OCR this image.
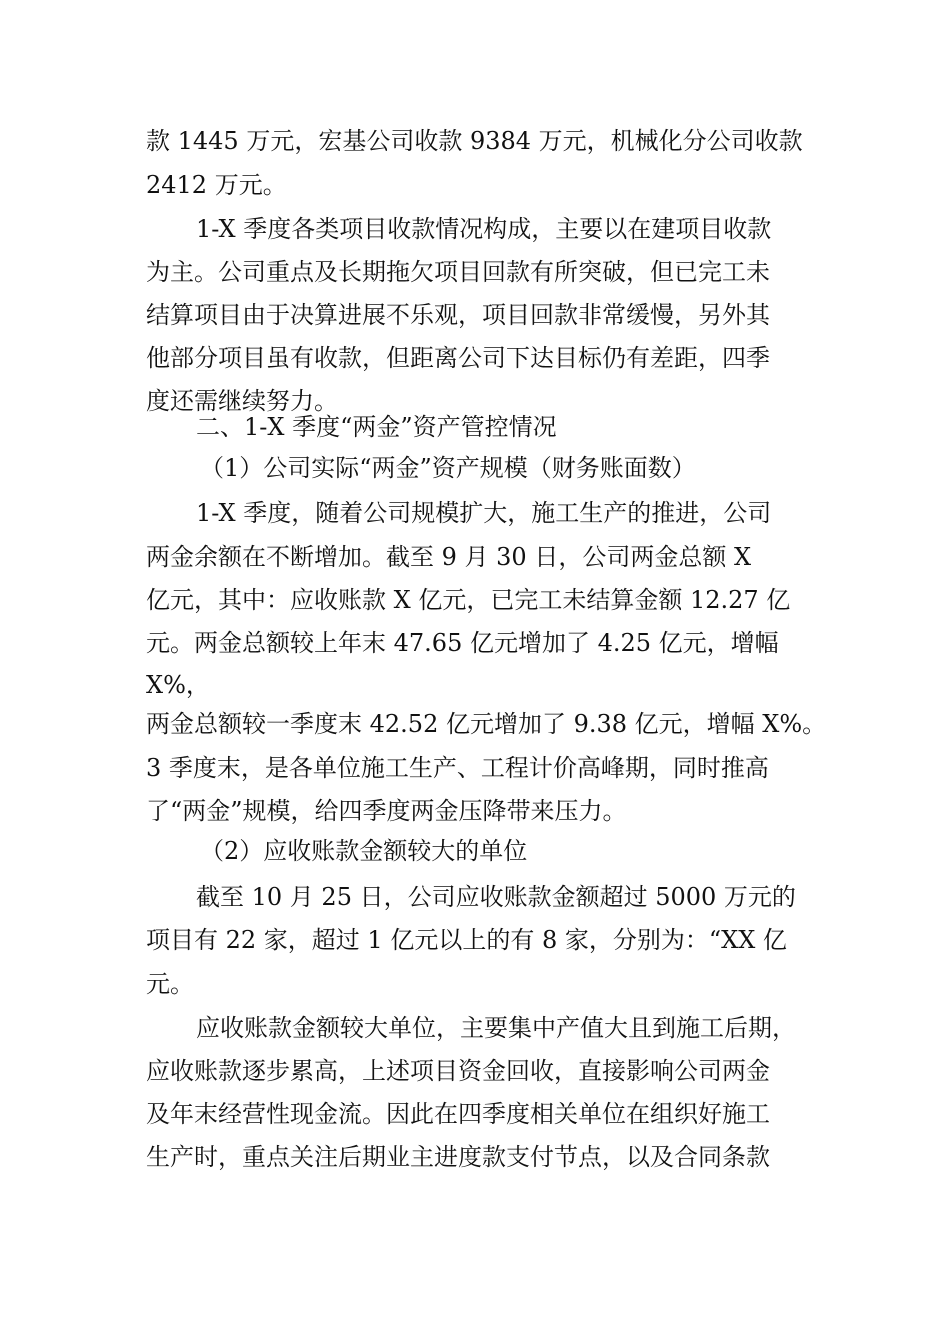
款 1445 万元，宏基公司收款 9384 万元，机械化分公司收款
2412 万元。
1-X 季度各类项目收款情况构成，主要以在建项目收款
为主。公司重点及长期拖欠项目回款有所突破，但已完工未
结算项目由于决算进展不乐观，项目回款非常缓慢，另外其
他部分项目虽有收款，但距离公司下达目标仍有差距，四季
度还需继续努力。
二、1-X 季度“两金”资产管控情况
（1）公司实际“两金”资产规模（财务账面数）
1-X 季度，随着公司规模扩大，施工生产的推进，公司
两金余额在不断增加。截至 9 月 30 日，公司两金总额 X
亿元，其中：应收账款 X 亿元，已完工未结算金额 12.27 亿
元。两金总额较上年末 47.65 亿元增加了 4.25 亿元，增幅
X%，
两金总额较一季度末 42.52 亿元增加了 9.38 亿元，增幅 X%。
3 季度末，是各单位施工生产、工程计价高峰期，同时推高
了“两金”规模，给四季度两金压降带来压力。
（2）应收账款金额较大的单位
截至 10 月 25 日，公司应收账款金额超过 5000 万元的
项目有 22 家，超过 1 亿元以上的有 8 家，分别为：“XX 亿
元。
应收账款金额较大单位，主要集中产值大且到施工后期，
应收账款逐步累高，上述项目资金回收，直接影响公司两金
及年末经营性现金流。因此在四季度相关单位在组织好施工
生产时，重点关注后期业主进度款支付节点，以及合同条款
